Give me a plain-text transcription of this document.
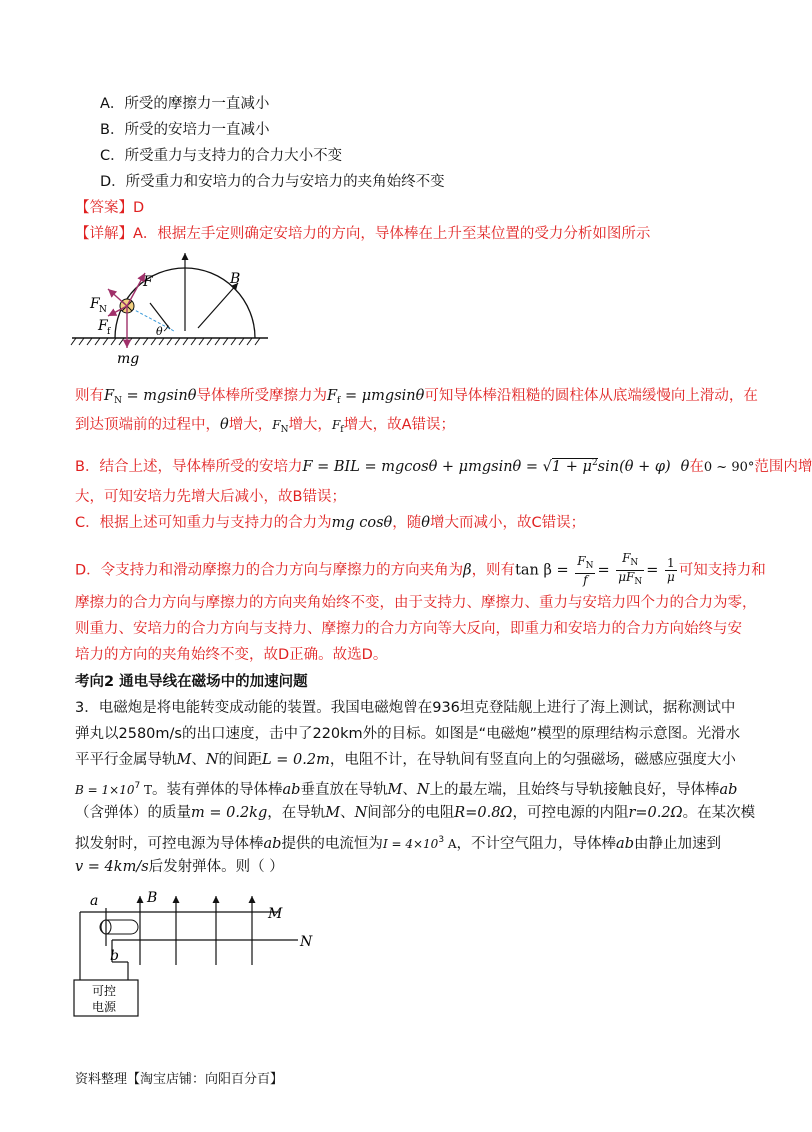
A．所受的摩擦力一直减小
B．所受的安培力一直减小
C．所受重力与支持力的合力大小不变
D．所受重力和安培力的合力与安培力的夹角始终不变
【答案】D
【详解】A．根据左手定则确定安培力的方向，导体棒在上升至某位置的受力分析如图所示
F
F N
F f
B
θ
mg
则有$F_N = mgsin\theta$导体棒所受摩擦力为$F_f = \mu mgsin\theta$可知导体棒沿粗糙的圆柱体从底端缓慢向上滑动，在
到达顶端前的过程中，θ增大，$F_N$增大，$F_f$增大，故A错误；
B．结合上述，导体棒所受的安培力F = BIL = $mgcos\theta + \mu mgsin\theta = √1 + \mu^2\sin(\theta + \varphi)$ θ在0 ~ 90°范围内增
大，可知安培力先增大后减小，故B错误；
C．根据上述可知重力与支持力的合力为mg cosθ，随θ增大而减小，故C错误；
D．令支持力和滑动摩擦力的合力方向与摩擦力的方向夹角为β，则有$\tan \beta = \frac{F_N}{f} = \frac{F_N}{\mu F_N} = \frac{1}{\mu}$ 可知支持力和
摩擦力的合力方向与摩擦力的方向夹角始终不变，由于支持力、摩擦力、重力与安培力四个力的合力为零，
则重力、安培力的合力方向与支持力、摩擦力的合力方向等大反向，即重力和安培力的合力方向始终与安
培力的方向的夹角始终不变，故D正确。故选D。
考向2 通电导线在磁场中的加速问题
3．电磁炮是将电能转变成动能的装置。我国电磁炮曾在936坦克登陆舰上进行了海上测试，据称测试中
弹丸以2580m/s的出口速度，击中了220km外的目标。如图是“电磁炮”模型的原理结构示意图。光滑水
平平行金属导轨M、N的间距L = 0.2m，电阻不计，在导轨间有竖直向上的匀强磁场，磁感应强度大小
$B = 1\times 10^7$ T。装有弹体的导体棒ab垂直放在导轨M、N上的最左端，且始终与导轨接触良好，导体棒ab
（含弹体）的质量m = 0.2kg，在导轨M、N间部分的电阻R=0.8Ω，可控电源的内阻r=0.2Ω。在某次模
拟发射时，可控电源为导体棒ab提供的电流恒为$I = 4\times 10^3$ A，不计空气阻力，导体棒ab由静止加速到
v = 4km/s后发射弹体。则（ ）
a
b
B
M
N
可控
电源
资料整理【淘宝店铺：向阳百分百】
